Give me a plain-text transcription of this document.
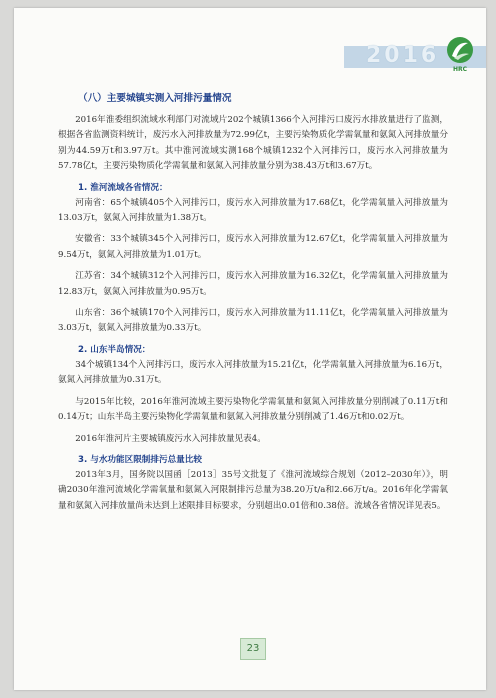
2016
HRC
（八）主要城镇实测入河排污量情况

2016年淮委组织流域水利部门对流域片202个城镇1366个入河排污口废污水排放量进行了监测，根据各省监测资料统计，废污水入河排放量为72.99亿t，主要污染物质化学需氧量和氨氮入河排放量分别为44.59万t和3.97万t。其中淮河流域实测168个城镇1232个入河排污口，废污水入河排放量为57.78亿t，主要污染物质化学需氧量和氨氮入河排放量分别为38.43万t和3.67万t。

1. 淮河流域各省情况：

河南省：65个城镇405个入河排污口，废污水入河排放量为17.68亿t，化学需氧量入河排放量为13.03万t，氨氮入河排放量为1.38万t。

安徽省：33个城镇345个入河排污口，废污水入河排放量为12.67亿t，化学需氧量入河排放量为9.54万t，氨氮入河排放量为1.01万t。

江苏省：34个城镇312个入河排污口，废污水入河排放量为16.32亿t，化学需氧量入河排放量为12.83万t，氨氮入河排放量为0.95万t。

山东省：36个城镇170个入河排污口，废污水入河排放量为11.11亿t，化学需氧量入河排放量为3.03万t，氨氮入河排放量为0.33万t。

2. 山东半岛情况：

34个城镇134个入河排污口，废污水入河排放量为15.21亿t，化学需氧量入河排放量为6.16万t，氨氮入河排放量为0.31万t。

与2015年比较，2016年淮河流域主要污染物化学需氧量和氨氮入河排放量分别削减了0.11万t和0.14万t；山东半岛主要污染物化学需氧量和氨氮入河排放量分别削减了1.46万t和0.02万t。

2016年淮河片主要城镇废污水入河排放量见表4。

3. 与水功能区限制排污总量比较

2013年3月，国务院以国函［2013］35号文批复了《淮河流域综合规划（2012–2030年）》，明确2030年淮河流域化学需氧量和氨氮入河限制排污总量为38.20万t/a和2.66万t/a。2016年化学需氧量和氨氮入河排放量尚未达到上述限排目标要求，分别超出0.01倍和0.38倍。流域各省情况详见表5。

23
